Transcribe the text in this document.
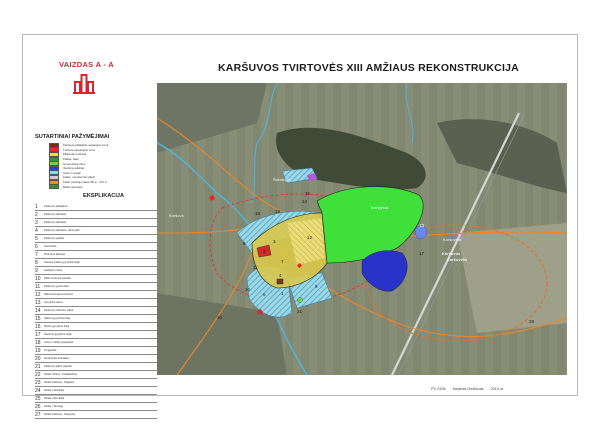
VAIZDAS A - A	KARŠUVOS TVIRTOVĖS XIII AMŽIAUS REKONSTRUKCIJA
SUTARTINIAI PAŽYMĖJIMAI
Karšuvos piliakalnio apsaugine zona
Tvirtovės apsauginė zona
Piliavietės teritorija
Pelkės, šlapi
Gyvenvietės ribos
Vandens telkiniai
Upės ir upeliai
Kelias, numatomas statyti
Keliai, pėsčiųjų takas XIII a. - XIV a.
Miško teritorijos
EKSPLIKACIJA
1	Karšuvos piliakalnis
2	Karšuvos piliavietė
3	Karšuvos piliavietė
4	Karšuvos piliavietė „Vartų pilis“
5	Karšuvos papiliai
6	Šventvietė
7	Pietrytinė atkarpa
8	Šiaurės vakarų gynybinė linija
9	Laidojimo vieta
10	Pilies tvirtovės pastatai
11	Karšuvos gyvenvietė
12	Rekonstruojama tvirtovė
13	Gynybinė siena
14	Karšuvos tvirtovės vartai
15	Vakarų gynybinė linija
16	Rytinė gynybinė linija
17	Šiaurinė gynybinė linija
18	Laivų ir valčių prieplauka
19	Turgavietė
20	Amatininkų kvartalas
21	Karšuvos pilies papėdė
22	Kelias Vilnius - Karaliaučius
23	Kelias Karšuva - Ragainė
24	Kelias į Jūrbarką
25	Kelias į Žemaitiją
26	Kelias į Tauragę
27	Kelias Karšuva - Raseiniai
16	19
14
13
15
17
8
12
2
11
7
3
9
4
10
6	1
20
21
28
Karšuva
Karšuvos
Karšuvėlis
Šventupis
Karšuvėlis
Ivangėnai
PV 2436 Antanas Gečiūnas 2010 m.
